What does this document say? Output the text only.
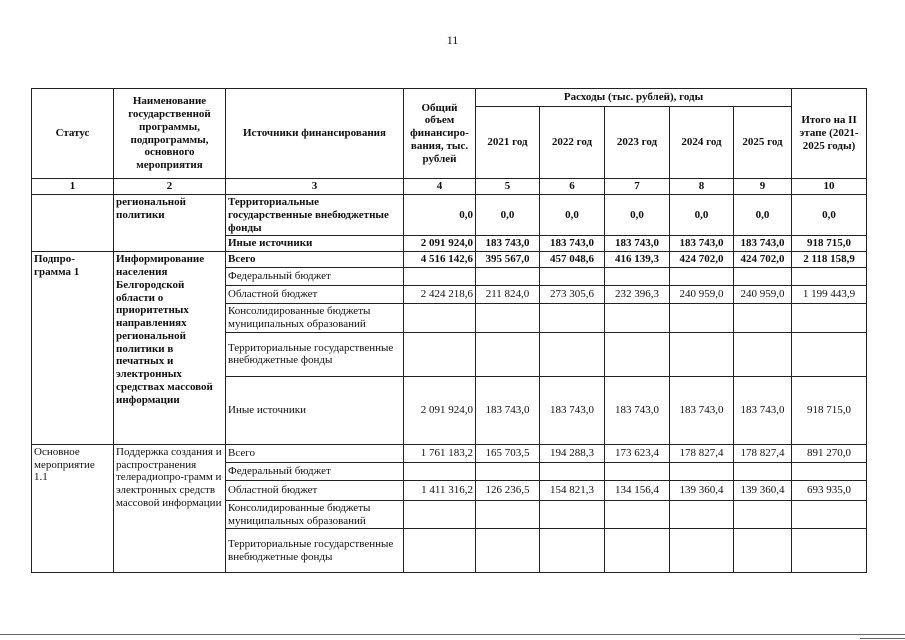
11
Статус	Наименование государственной программы, подпрограммы, основного мероприятия	Источники финансирования	Общий объем финансиро-вания, тыс. рублей	Расходы (тыс. рублей), годы					Итого на II этапе (2021-2025 годы)
				2021 год	2022 год	2023 год	2024 год	2025 год	
1	2	3	4	5	6	7	8	9	10
	региональной политики	Территориальные государственные внебюджетные фонды	0,0	0,0	0,0	0,0	0,0	0,0	0,0
		Иные источники	2 091 924,0	183 743,0	183 743,0	183 743,0	183 743,0	183 743,0	918 715,0
Подпро-грамма 1	Информирование населения Белгородской области о приоритетных направлениях региональной политики в печатных и электронных средствах массовой информации	Всего	4 516 142,6	395 567,0	457 048,6	416 139,3	424 702,0	424 702,0	2 118 158,9
		Федеральный бюджет							
		Областной бюджет	2 424 218,6	211 824,0	273 305,6	232 396,3	240 959,0	240 959,0	1 199 443,9
		Консолидированные бюджеты муниципальных образований							
		Территориальные государственные внебюджетные фонды							
		Иные источники	2 091 924,0	183 743,0	183 743,0	183 743,0	183 743,0	183 743,0	918 715,0
Основное мероприятие 1.1	Поддержка создания и распространения телерадиопро-грамм и электронных средств массовой информации	Всего	1 761 183,2	165 703,5	194 288,3	173 623,4	178 827,4	178 827,4	891 270,0
		Федеральный бюджет							
		Областной бюджет	1 411 316,2	126 236,5	154 821,3	134 156,4	139 360,4	139 360,4	693 935,0
		Консолидированные бюджеты муниципальных образований							
		Территориальные государственные внебюджетные фонды							
